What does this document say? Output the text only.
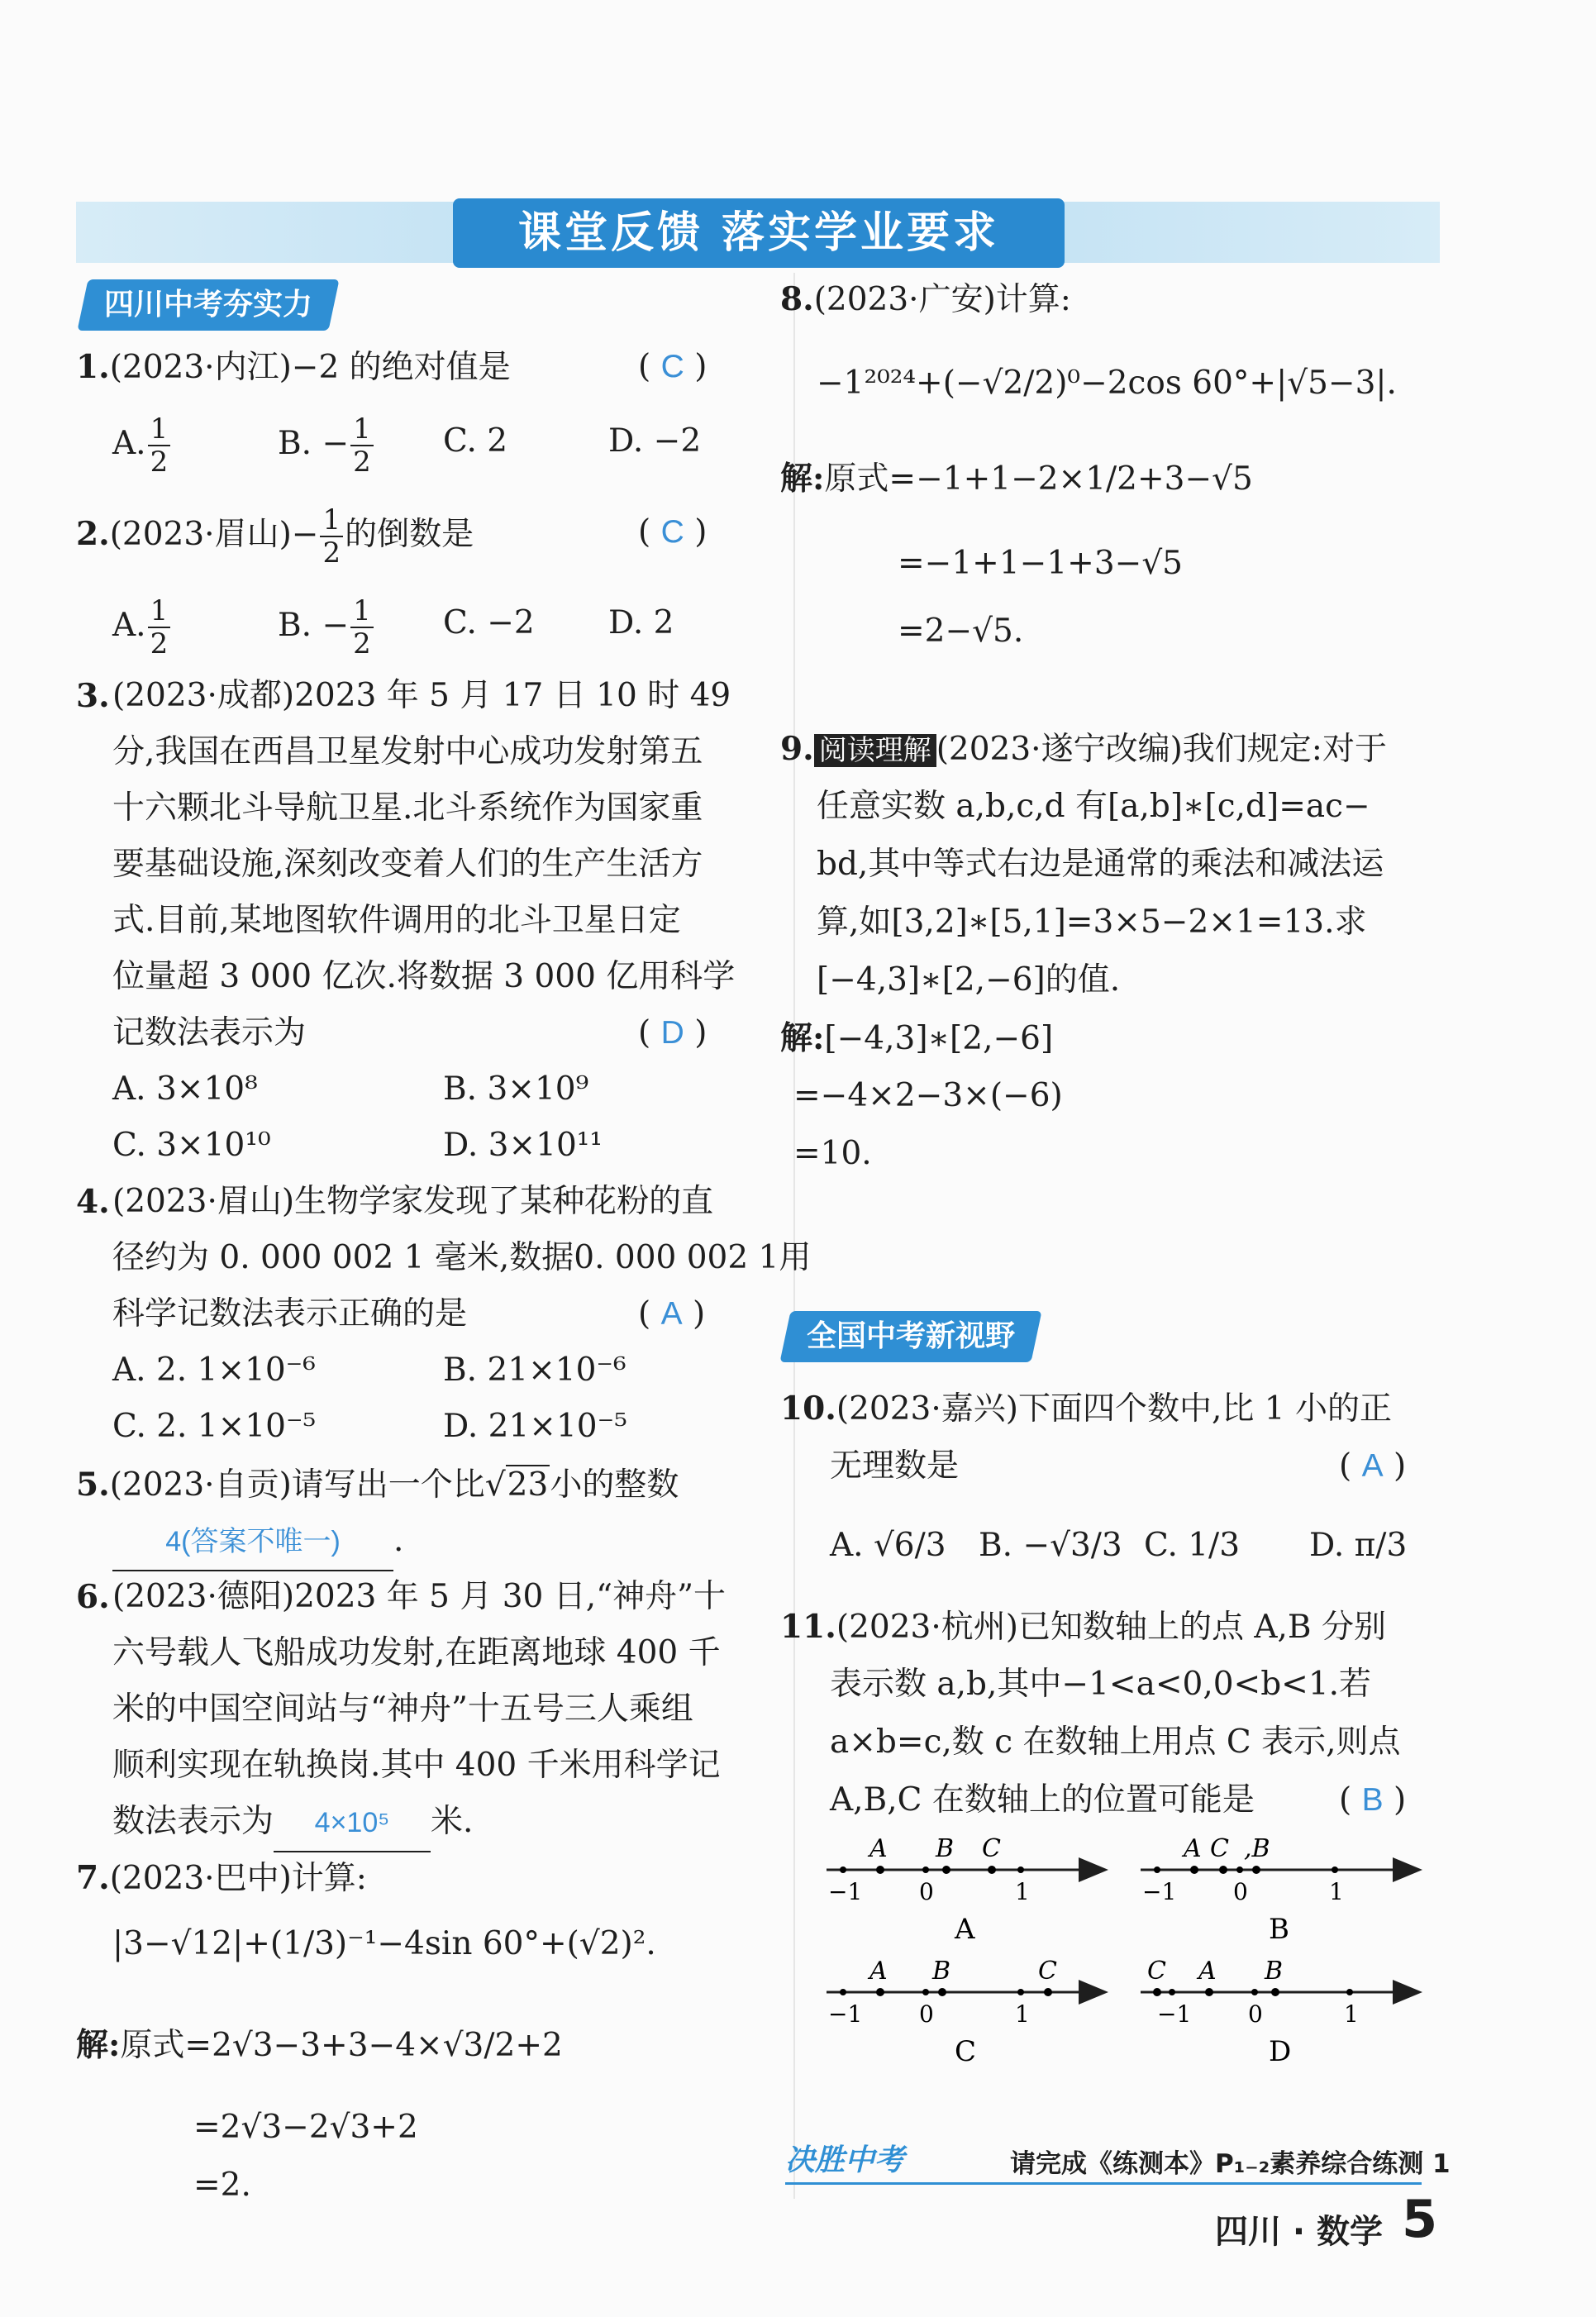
课堂反馈 落实学业要求
四川中考夯实力
1.(2023·内江)−2 的绝对值是	( C )
A. $\frac{1}{2}$	B. − $\frac{1}{2} C$. 2	D. −2
2.(2023·眉山)− $\frac{1}{2}$ 的倒数是	( C )
A. $\frac{1}{2}$	B. − $\frac{1}{2} C$. −2 D. 2
3. (2023·成都)2023 年 5 月 17 日 10 时 49
分,我国在西昌卫星发射中心成功发射第五
十六颗北斗导航卫星.北斗系统作为国家重
要基础设施,深刻改变着人们的生产生活方
式.目前,某地图软件调用的北斗卫星日定
位量超 3 000 亿次.将数据 3 000 亿用科学
记数法表示为	( D )
A. 3×10⁸	B. 3×10⁹
C. 3×10¹⁰	D. 3×10¹¹
4. (2023·眉山)生物学家发现了某种花粉的直
径约为 0. 000 002 1 毫米,数据0. 000 002 1用
科学记数法表示正确的是	( A )
A. 2. 1×10⁻⁶	B. 21×10⁻⁶
C. 2. 1×10⁻⁵	D. 21×10⁻⁵
5.(2023·自贡)请写出一个比√23小的整数
4(答案不唯一) .
6. (2023·德阳)2023 年 5 月 30 日,“神舟”十
六号载人飞船成功发射,在距离地球 400 千
米的中国空间站与“神舟”十五号三人乘组
顺利实现在轨换岗.其中 400 千米用科学记
数法表示为 4×10⁵ 米.
7.(2023·巴中)计算:
|3−√12|+(1/3)⁻¹−4sin 60°+(√2)².
解:原式=2√3−3+3−4×√3/2+2
=2√3−2√3+2
=2.
8.(2023·广安)计算:
−1²⁰²⁴+(−√2/2)⁰−2cos 60°+|√5−3|.
解:原式=−1+1−2×1/2+3−√5
=−1+1−1+3−√5
=2−√5.
9. 阅读理解 (2023·遂宁改编)我们规定:对于
任意实数 a,b,c,d 有[a,b]∗[c,d]=ac−
bd,其中等式右边是通常的乘法和减法运
算,如[3,2]∗[5,1]=3×5−2×1=13.求
[−4,3]∗[2,−6]的值.
解:[−4,3]∗[2,−6]
=−4×2−3×(−6)
=10.
全国中考新视野
10.(2023·嘉兴)下面四个数中,比 1 小的正
无理数是	( A )
A. √6/3 B. −√3/3 C. 1/3 D. π/3
11.(2023·杭州)已知数轴上的点 A,B 分别
表示数 a,b,其中−1<a<0,0<b<1.若
a×b=c,数 c 在数轴上用点 C 表示,则点
A,B,C 在数轴上的位置可能是	( B )
A B C
−1 0	1
A
A C ,B
−1 0	1
B
A B	C
−1 0	1
C
C A B
−1 0	1
D
决胜中考	请完成《练测本》P₁₋₂素养综合练测 1
四川 · 数学 5
